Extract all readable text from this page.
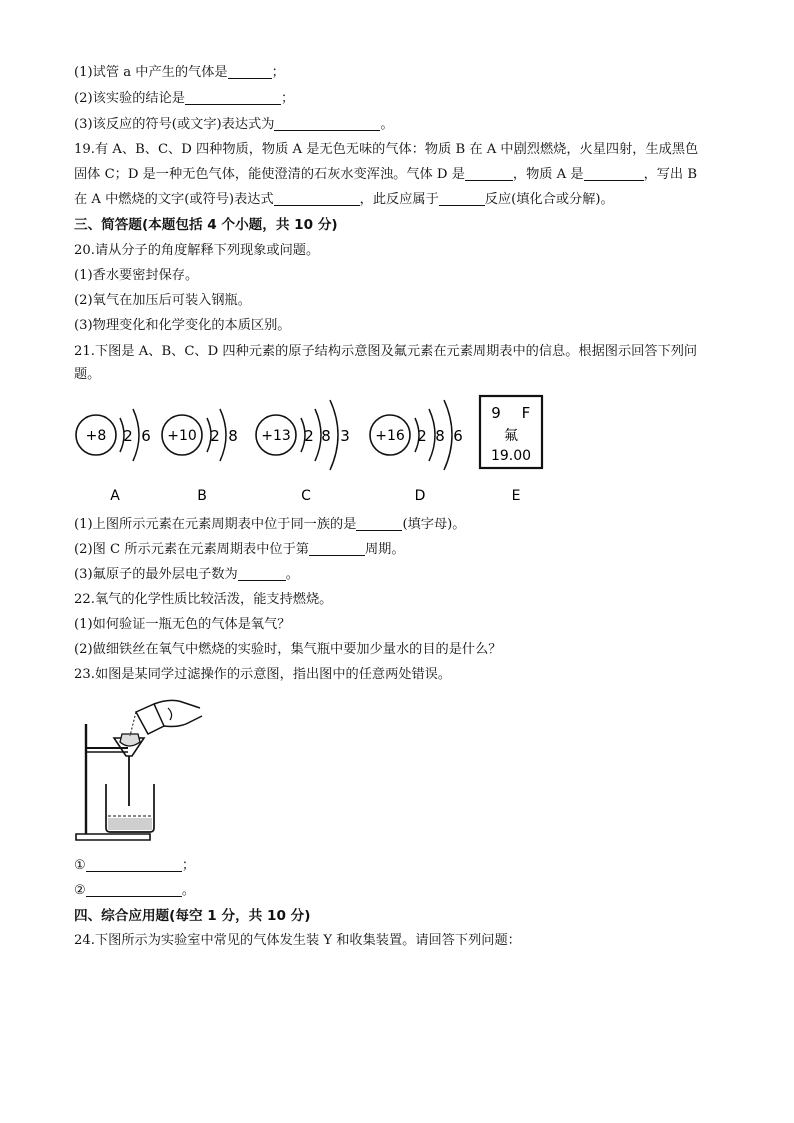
(1)试管 a 中产生的气体是	；
(2)该实验的结论是	；
(3)该反应的符号(或文字)表达式为	。
19.有 A、B、C、D 四种物质，物质 A 是无色无味的气体：物质 B 在 A 中剧烈燃烧，火星四射，生成黑色
固体 C；D 是一种无色气体，能使澄清的石灰水变浑浊。气体 D 是	，物质 A 是	，写出 B
在 A 中燃烧的文字(或符号)表达式	，此反应属于	反应(填化合或分解)。
三、简答题(本题包括 4 个小题，共 10 分)
20.请从分子的角度解释下列现象或问题。
(1)香水要密封保存。
(2)氧气在加压后可装入钢瓶。
(3)物理变化和化学变化的本质区别。
21.下图是 A、B、C、D 四种元素的原子结构示意图及氟元素在元素周期表中的信息。根据图示回答下列问
题。
+8 2 6
A
+10 2 8
B
+13 2 8 3
C
+16 2 8 6
D
9 F
氟
19.00
E
(1)上图所示元素在元素周期表中位于同一族的是	(填字母)。
(2)图 C 所示元素在元素周期表中位于第	周期。
(3)氟原子的最外层电子数为	。
22.氧气的化学性质比较活泼，能支持燃烧。
(1)如何验证一瓶无色的气体是氧气？
(2)做细铁丝在氧气中燃烧的实验时，集气瓶中要加少量水的目的是什么？
23.如图是某同学过滤操作的示意图，指出图中的任意两处错误。
①	；
②	。
四、综合应用题(每空 1 分，共 10 分)
24.下图所示为实验室中常见的气体发生装 Y 和收集装置。请回答下列问题：
